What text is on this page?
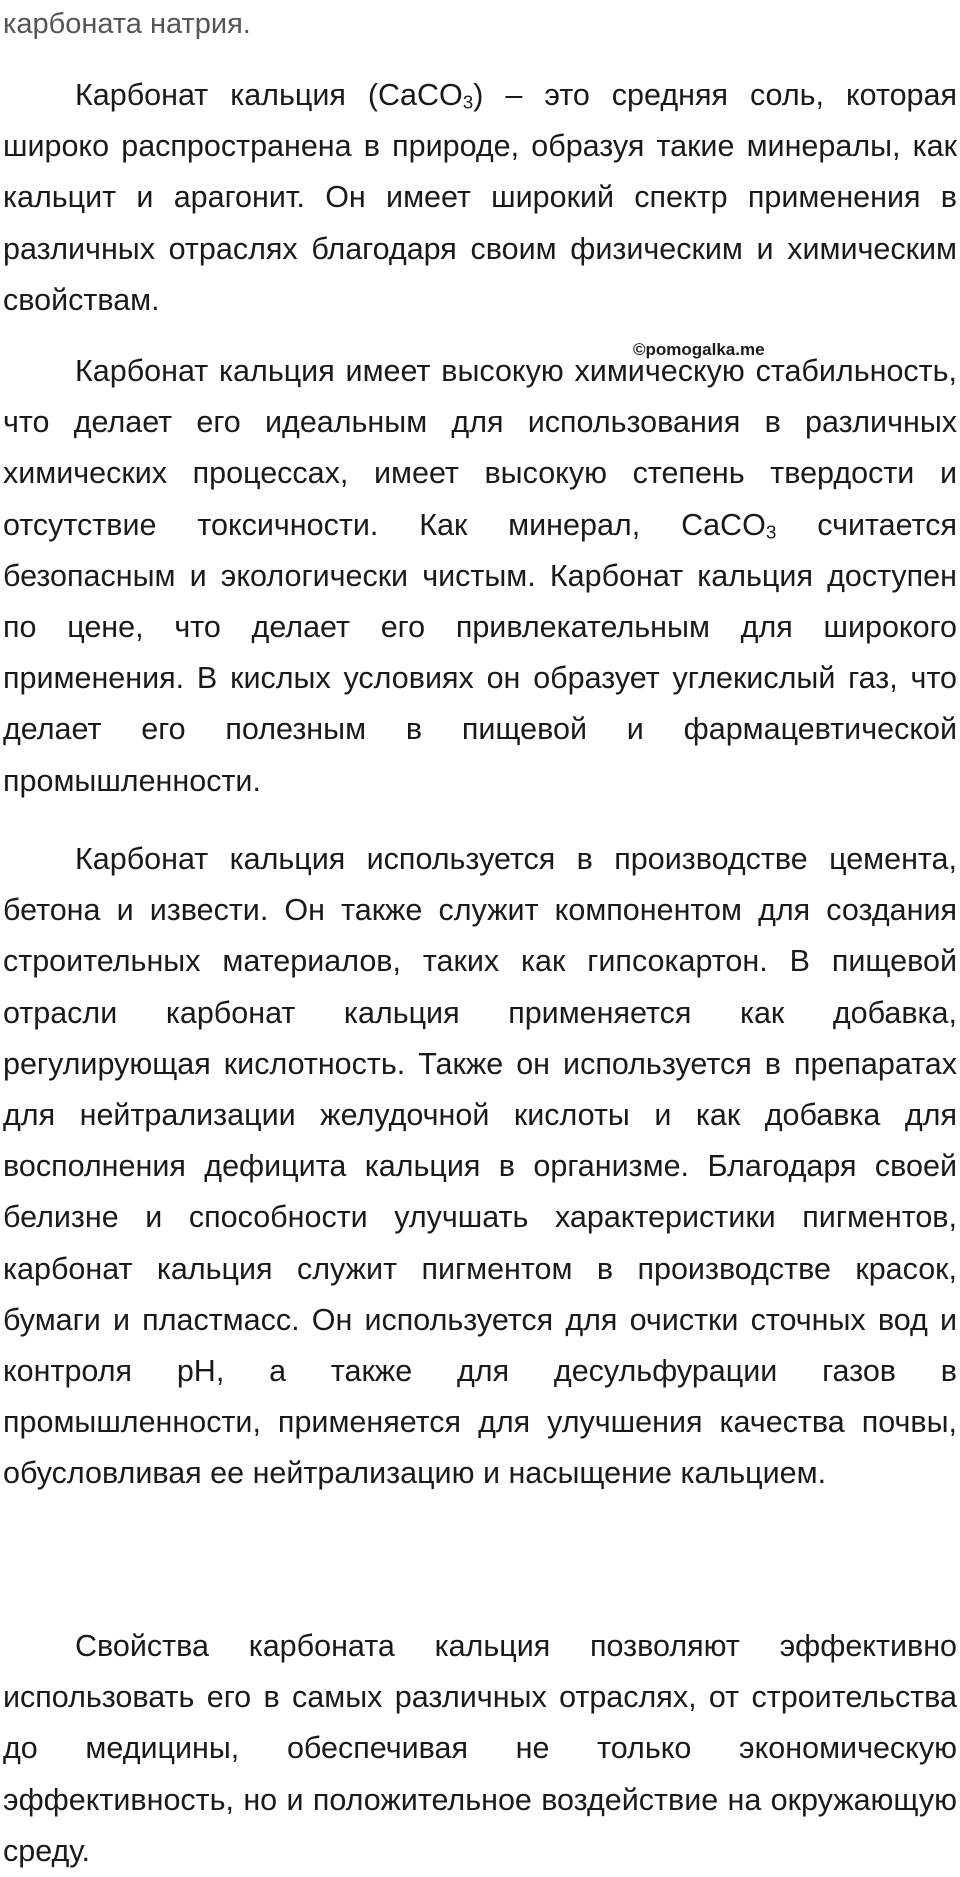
карбоната натрия.

Карбонат кальция (CaCO$_3$) – это средняя соль, которая широко распространена в природе, образуя такие минералы, как кальцит и арагонит. Он имеет широкий спектр применения в различных отраслях благодаря своим физическим и химическим свойствам.

©pomogalka.me

Карбонат кальция имеет высокую химическую стабильность, что делает его идеальным для использования в различных химических процессах, имеет высокую степень твердости и отсутствие токсичности. Как минерал, CaCO$_3$ считается безопасным и экологически чистым. Карбонат кальция доступен по цене, что делает его привлекательным для широкого применения. В кислых условиях он образует углекислый газ, что делает его полезным в пищевой и фармацевтической промышленности.

Карбонат кальция используется в производстве цемента, бетона и извести. Он также служит компонентом для создания строительных материалов, таких как гипсокартон. В пищевой отрасли карбонат кальция применяется как добавка, регулирующая кислотность. Также он используется в препаратах для нейтрализации желудочной кислоты и как добавка для восполнения дефицита кальция в организме. Благодаря своей белизне и способности улучшать характеристики пигментов, карбонат кальция служит пигментом в производстве красок, бумаги и пластмасс. Он используется для очистки сточных вод и контроля pH, а также для десульфурации газов в промышленности, применяется для улучшения качества почвы, обусловливая ее нейтрализацию и насыщение кальцием.

Свойства карбоната кальция позволяют эффективно использовать его в самых различных отраслях, от строительства до медицины, обеспечивая не только экономическую эффективность, но и положительное воздействие на окружающую среду.
